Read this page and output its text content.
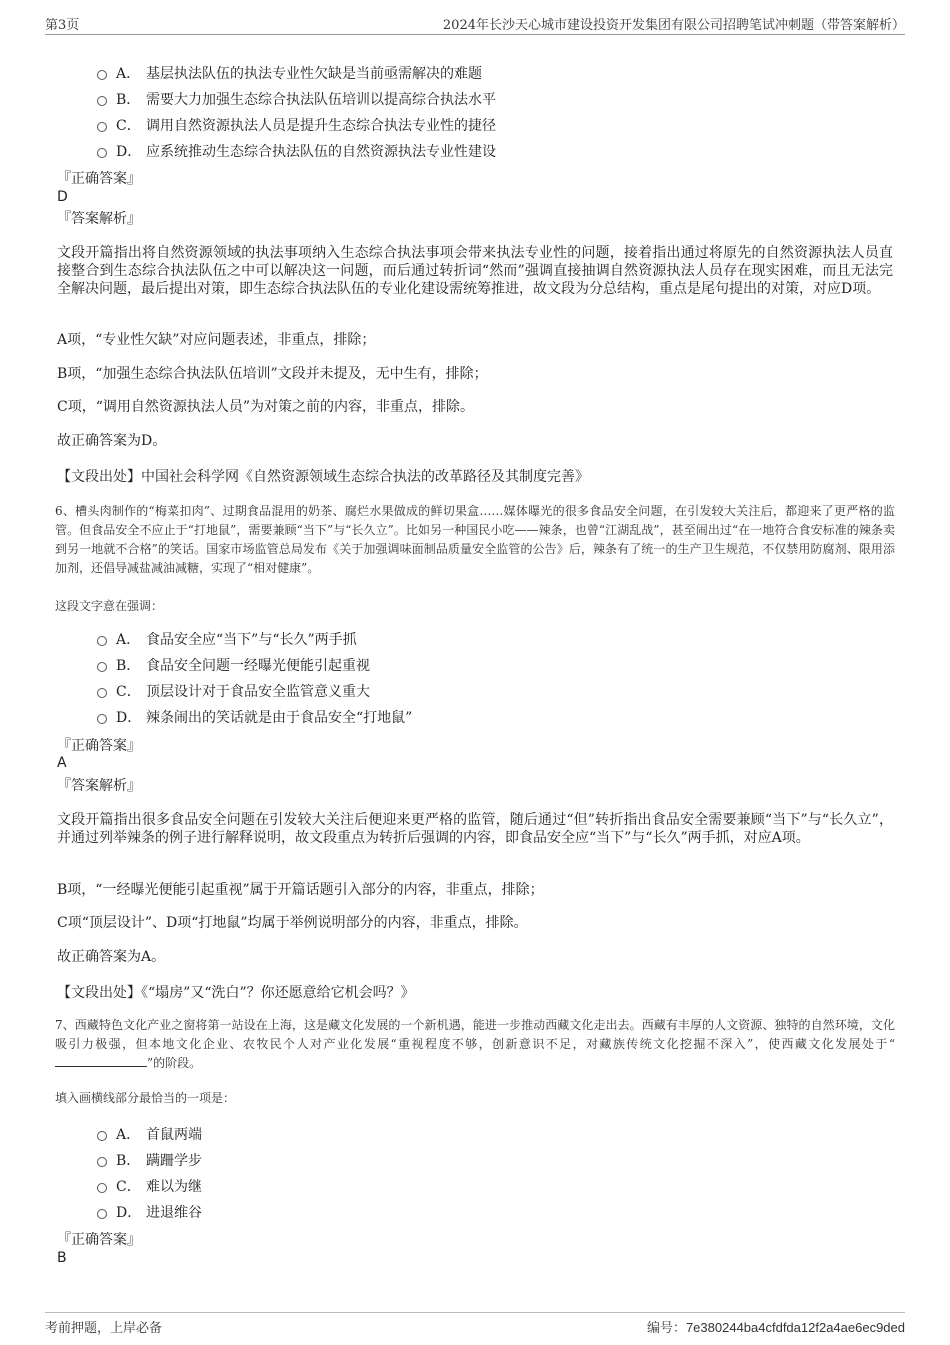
第3页	2024年长沙天心城市建设投资开发集团有限公司招聘笔试冲刺题（带答案解析）
A． 基层执法队伍的执法专业性欠缺是当前亟需解决的难题
B． 需要大力加强生态综合执法队伍培训以提高综合执法水平
C． 调用自然资源执法人员是提升生态综合执法专业性的捷径
D． 应系统推动生态综合执法队伍的自然资源执法专业性建设
『正确答案』
D
『答案解析』
文段开篇指出将自然资源领域的执法事项纳入生态综合执法事项会带来执法专业性的问题，接着指出通过将原先的自然资源执法人员直接整合到生态综合执法队伍之中可以解决这一问题，而后通过转折词“然而”强调直接抽调自然资源执法人员存在现实困难，而且无法完全解决问题，最后提出对策，即生态综合执法队伍的专业化建设需统筹推进，故文段为分总结构，重点是尾句提出的对策，对应D项。
A项，“专业性欠缺”对应问题表述，非重点，排除；
B项，“加强生态综合执法队伍培训”文段并未提及，无中生有，排除；
C项，“调用自然资源执法人员”为对策之前的内容，非重点，排除。
故正确答案为D。
【文段出处】中国社会科学网《自然资源领域生态综合执法的改革路径及其制度完善》
6、槽头肉制作的“梅菜扣肉”、过期食品混用的奶茶、腐烂水果做成的鲜切果盒……媒体曝光的很多食品安全问题，在引发较大关注后，都迎来了更严格的监管。但食品安全不应止于“打地鼠”，需要兼顾“当下”与“长久立”。比如另一种国民小吃——辣条，也曾“江湖乱战”，甚至闹出过“在一地符合食安标准的辣条卖到另一地就不合格”的笑话。国家市场监管总局发布《关于加强调味面制品质量安全监管的公告》后，辣条有了统一的生产卫生规范，不仅禁用防腐剂、限用添加剂，还倡导减盐减油减糖，实现了“相对健康”。
这段文字意在强调：
A． 食品安全应“当下”与“长久”两手抓
B． 食品安全问题一经曝光便能引起重视
C． 顶层设计对于食品安全监管意义重大
D． 辣条闹出的笑话就是由于食品安全“打地鼠”
『正确答案』
A
『答案解析』
文段开篇指出很多食品安全问题在引发较大关注后便迎来更严格的监管，随后通过“但”转折指出食品安全需要兼顾“当下”与“长久立”，并通过列举辣条的例子进行解释说明，故文段重点为转折后强调的内容，即食品安全应“当下”与“长久”两手抓，对应A项。
B项，“一经曝光便能引起重视”属于开篇话题引入部分的内容，非重点，排除；
C项“顶层设计”、D项“打地鼠”均属于举例说明部分的内容，非重点，排除。
故正确答案为A。
【文段出处】《“塌房”又“洗白”？你还愿意给它机会吗？》
7、西藏特色文化产业之窗将第一站设在上海，这是藏文化发展的一个新机遇，能进一步推动西藏文化走出去。西藏有丰厚的人文资源、独特的自然环境，文化吸引力极强，但本地文化企业、农牧民个人对产业化发展“重视程度不够，创新意识不足，对藏族传统文化挖掘不深入”，使西藏文化发展处于“”的阶段。
填入画横线部分最恰当的一项是：
A． 首鼠两端
B． 蹒跚学步
C． 难以为继
D． 进退维谷
『正确答案』
B
考前押题，上岸必备	编号：7e380244ba4cfdfda12f2a4ae6ec9ded
